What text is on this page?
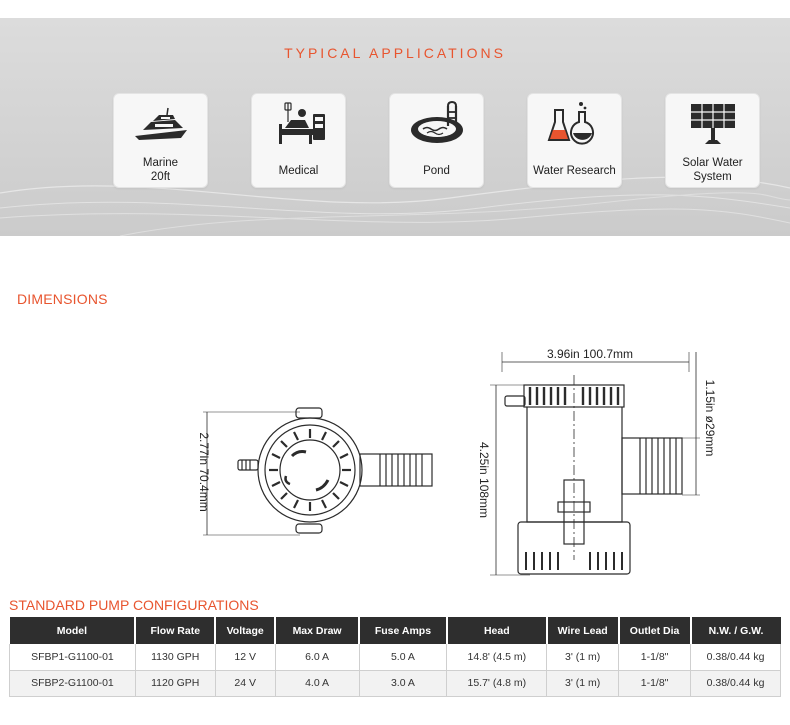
TYPICAL APPLICATIONS
Marine
20ft	Medical	Pond	Water Research
Solar Water
System
DIMENSIONS
2.77in 70.4mm
3.96in 100.7mm
4.25in 108mm
1.15in ø29mm
STANDARD PUMP CONFIGURATIONS
Model	Flow Rate	Voltage	Max Draw	Fuse Amps	Head	Wire Lead	Outlet Dia	N.W. / G.W.
SFBP1-G1100-01	1130 GPH	12 V	6.0 A	5.0 A	14.8' (4.5 m)	3' (1 m)	1-1/8"	0.38/0.44 kg
SFBP2-G1100-01	1120 GPH	24 V	4.0 A	3.0 A	15.7' (4.8 m)	3' (1 m)	1-1/8"	0.38/0.44 kg
